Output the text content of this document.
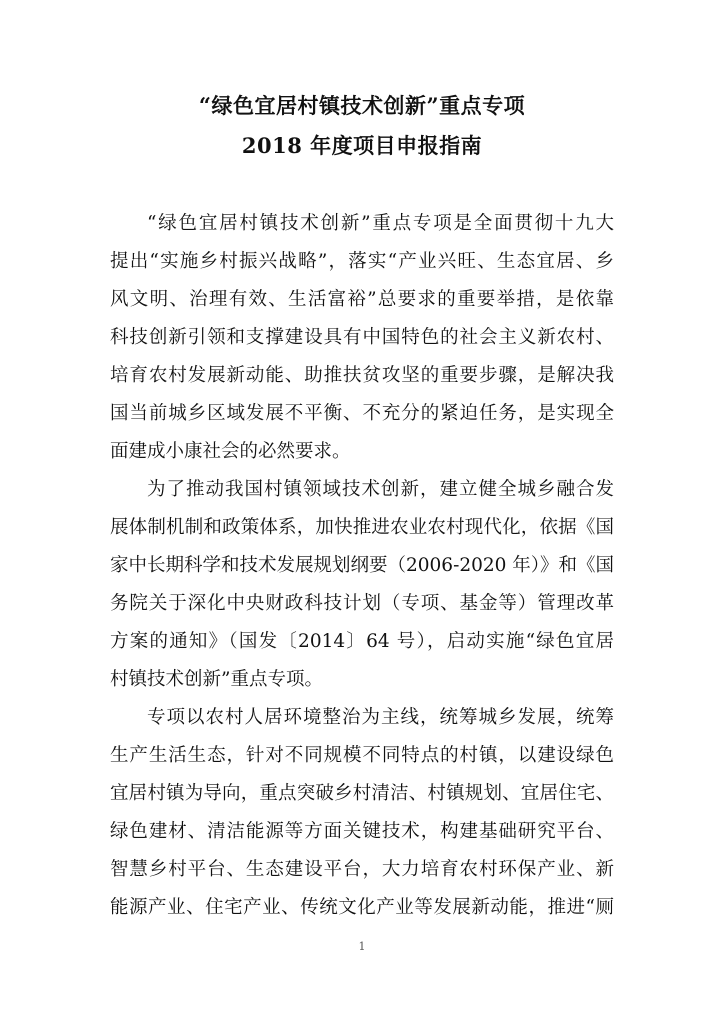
“绿色宜居村镇技术创新”重点专项
2018 年度项目申报指南
“绿色宜居村镇技术创新”重点专项是全面贯彻十九大
提出“实施乡村振兴战略”，落实“产业兴旺、生态宜居、乡
风文明、治理有效、生活富裕”总要求的重要举措，是依靠
科技创新引领和支撑建设具有中国特色的社会主义新农村、
培育农村发展新动能、助推扶贫攻坚的重要步骤，是解决我
国当前城乡区域发展不平衡、不充分的紧迫任务，是实现全
面建成小康社会的必然要求。
为了推动我国村镇领域技术创新，建立健全城乡融合发
展体制机制和政策体系，加快推进农业农村现代化，依据《国
家中长期科学和技术发展规划纲要（2006-2020 年）》和《国
务院关于深化中央财政科技计划（专项、基金等）管理改革
方案的通知》（国发〔2014〕64 号），启动实施“绿色宜居
村镇技术创新”重点专项。
专项以农村人居环境整治为主线，统筹城乡发展，统筹
生产生活生态，针对不同规模不同特点的村镇，以建设绿色
宜居村镇为导向，重点突破乡村清洁、村镇规划、宜居住宅、
绿色建材、清洁能源等方面关键技术，构建基础研究平台、
智慧乡村平台、生态建设平台，大力培育农村环保产业、新
能源产业、住宅产业、传统文化产业等发展新动能，推进“厕
1
